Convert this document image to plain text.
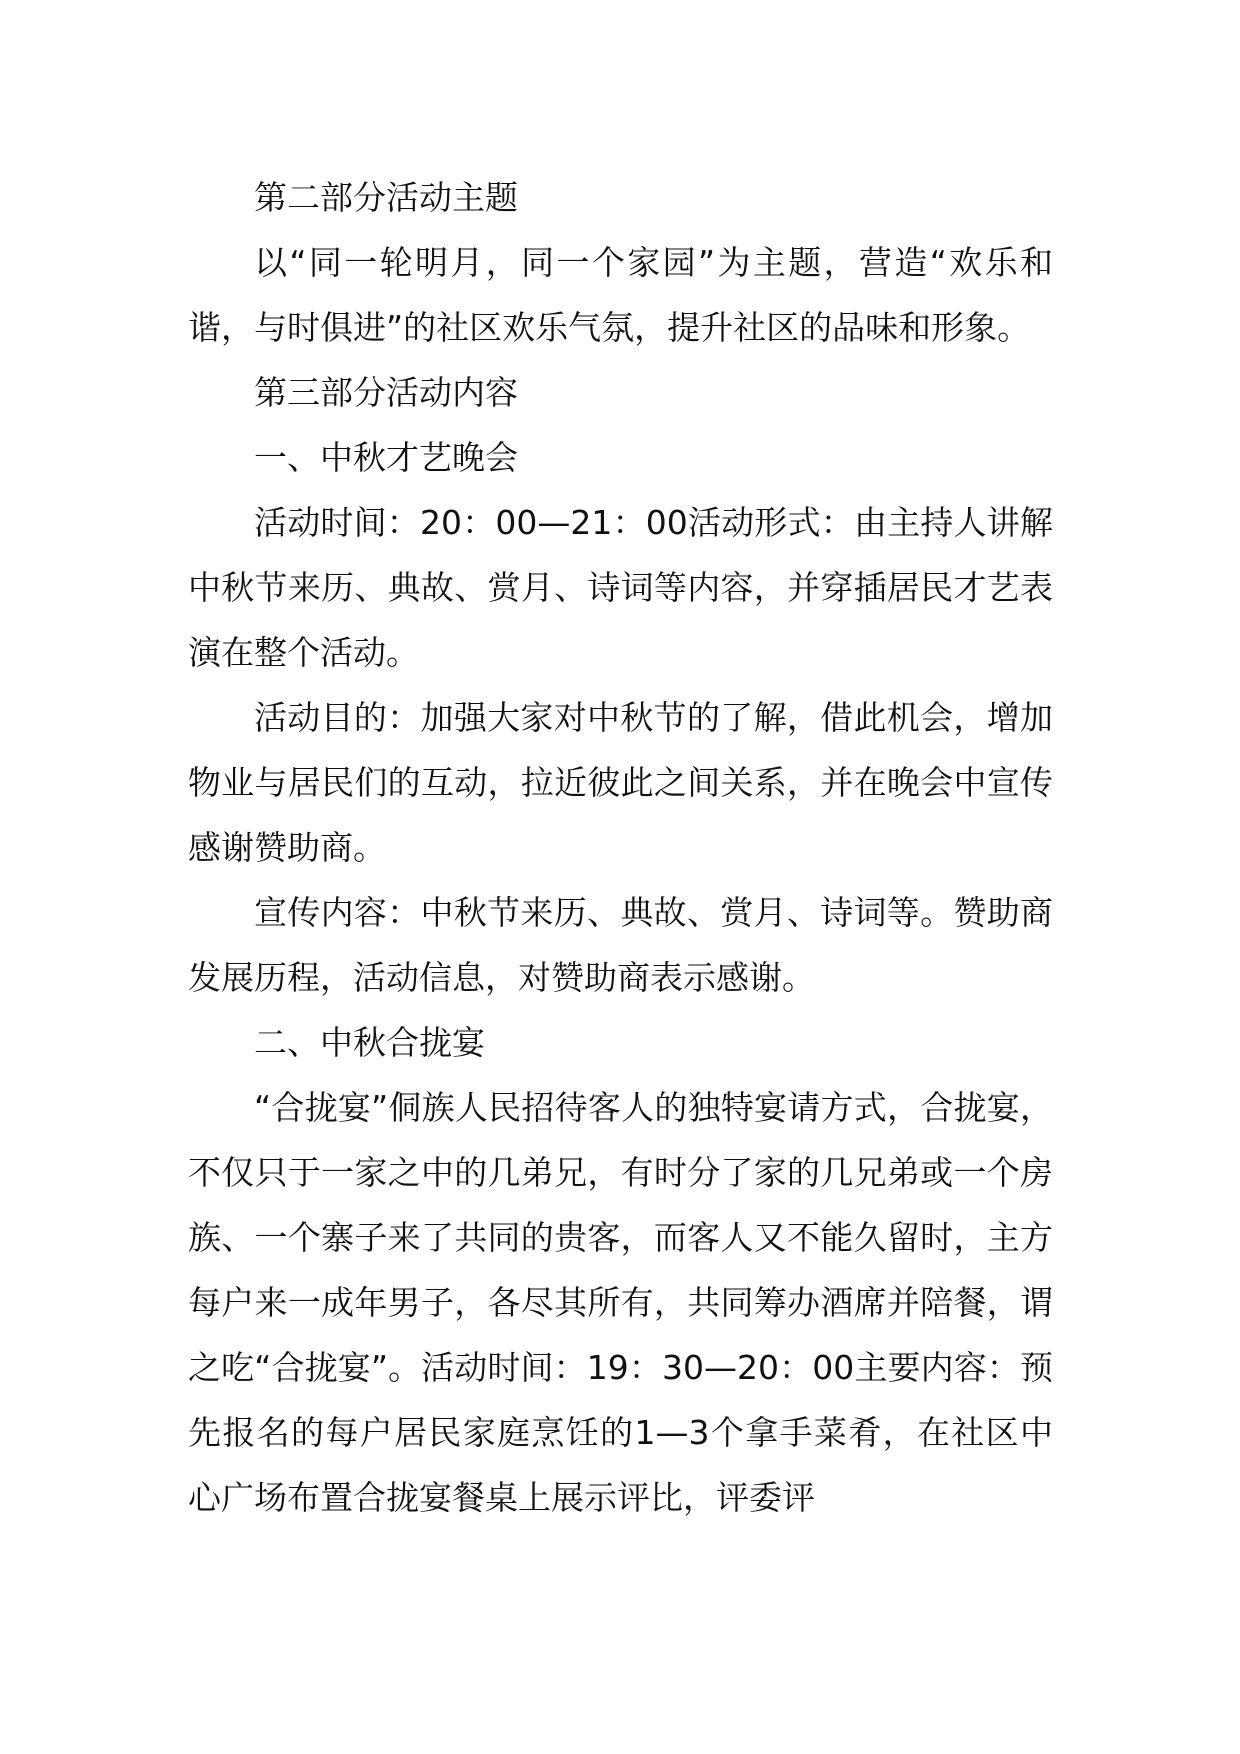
第二部分活动主题

以“同一轮明月，同一个家园”为主题，营造“欢乐和谐，与时俱进”的社区欢乐气氛，提升社区的品味和形象。

第三部分活动内容

一、中秋才艺晚会

活动时间：20：00—21：00活动形式：由主持人讲解中秋节来历、典故、赏月、诗词等内容，并穿插居民才艺表演在整个活动。

活动目的：加强大家对中秋节的了解，借此机会，增加物业与居民们的互动，拉近彼此之间关系，并在晚会中宣传感谢赞助商。

宣传内容：中秋节来历、典故、赏月、诗词等。赞助商发展历程，活动信息，对赞助商表示感谢。

二、中秋合拢宴

“合拢宴”侗族人民招待客人的独特宴请方式，合拢宴，不仅只于一家之中的几弟兄，有时分了家的几兄弟或一个房族、一个寨子来了共同的贵客，而客人又不能久留时，主方每户来一成年男子，各尽其所有，共同筹办酒席并陪餐，谓之吃“合拢宴”。活动时间：19：30—20：00主要内容：预先报名的每户居民家庭烹饪的1—3个拿手菜肴，在社区中心广场布置合拢宴餐桌上展示评比，评委评
